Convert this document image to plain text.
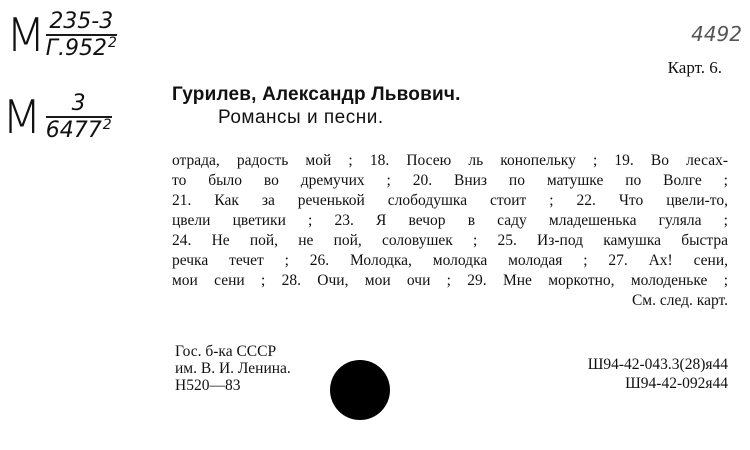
М $\frac{235-3}{Г.952^2}$
М $\frac{3}{6477^2}$
4492
Карт. 6.
Гурилев, Александр Львович.
Романсы и песни.
отрада, радость мой ; 18. Посею ль конопельку ; 19. Во лесах-
то было во дремучих ; 20. Вниз по матушке по Волге ;
21. Как за реченькой слободушка стоит ; 22. Что цвели-то,
цвели цветики ; 23. Я вечор в саду младешенька гуляла ;
24. Не пой, не пой, соловушек ; 25. Из-под камушка быстра
речка течет ; 26. Молодка, молодка молодая ; 27. Ах! сени,
мои сени ; 28. Очи, мои очи ; 29. Мне моркотно, молоденьке ;
См. след. карт.
Гос. б-ка СССР
им. В. И. Ленина.
Н520—83
Ш94-42-043.3(28)я44
Ш94-42-092я44
